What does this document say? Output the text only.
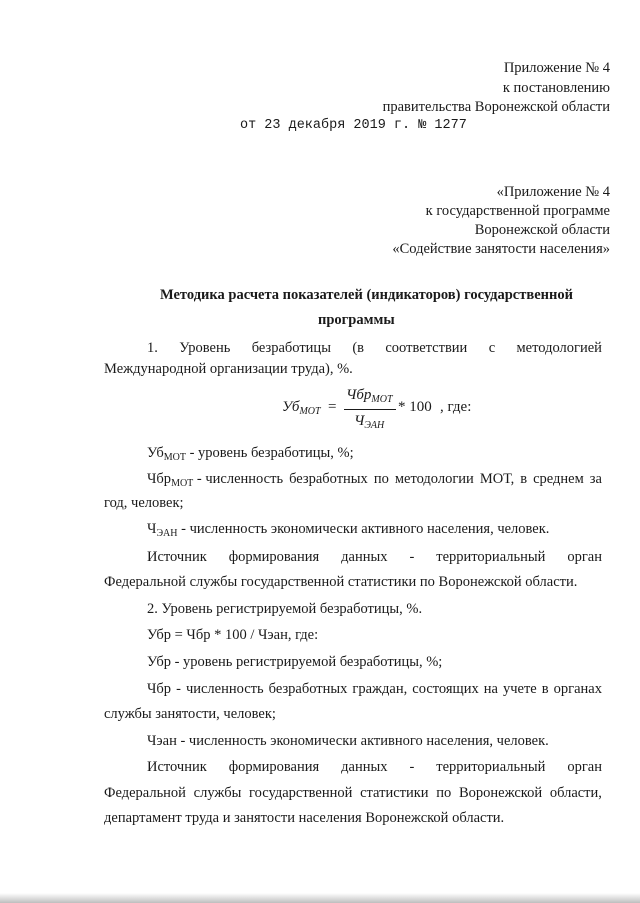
Приложение № 4
к постановлению
правительства Воронежской области
от 23 декабря 2019 г. № 1277
«Приложение № 4
к государственной программе
Воронежской области
«Содействие занятости населения»
Методика расчета показателей (индикаторов) государственной
программы
1. Уровень безработицы (в соответствии с методологией
Международной организации труда), %.
$Уб_{МОТ}$ =
Чбр$_{МОТ}$
$Ч_{ЭАН}$
* 100 , где:
$Уб_{МОТ}$ - уровень безработицы, %;
Чбр$_{МОТ}$ - численность безработных по методологии МОТ, в среднем за
год, человек;
$Ч_{ЭАН}$ - численность экономически активного населения, человек.
Источник формирования данных - территориальный орган
Федеральной службы государственной статистики по Воронежской области.
2. Уровень регистрируемой безработицы, %.
Убр = Чбр * 100 / Чэан, где:
Убр - уровень регистрируемой безработицы, %;
Чбр - численность безработных граждан, состоящих на учете в органах
службы занятости, человек;
Чэан - численность экономически активного населения, человек.
Источник формирования данных - территориальный орган
Федеральной службы государственной статистики по Воронежской области,
департамент труда и занятости населения Воронежской области.
